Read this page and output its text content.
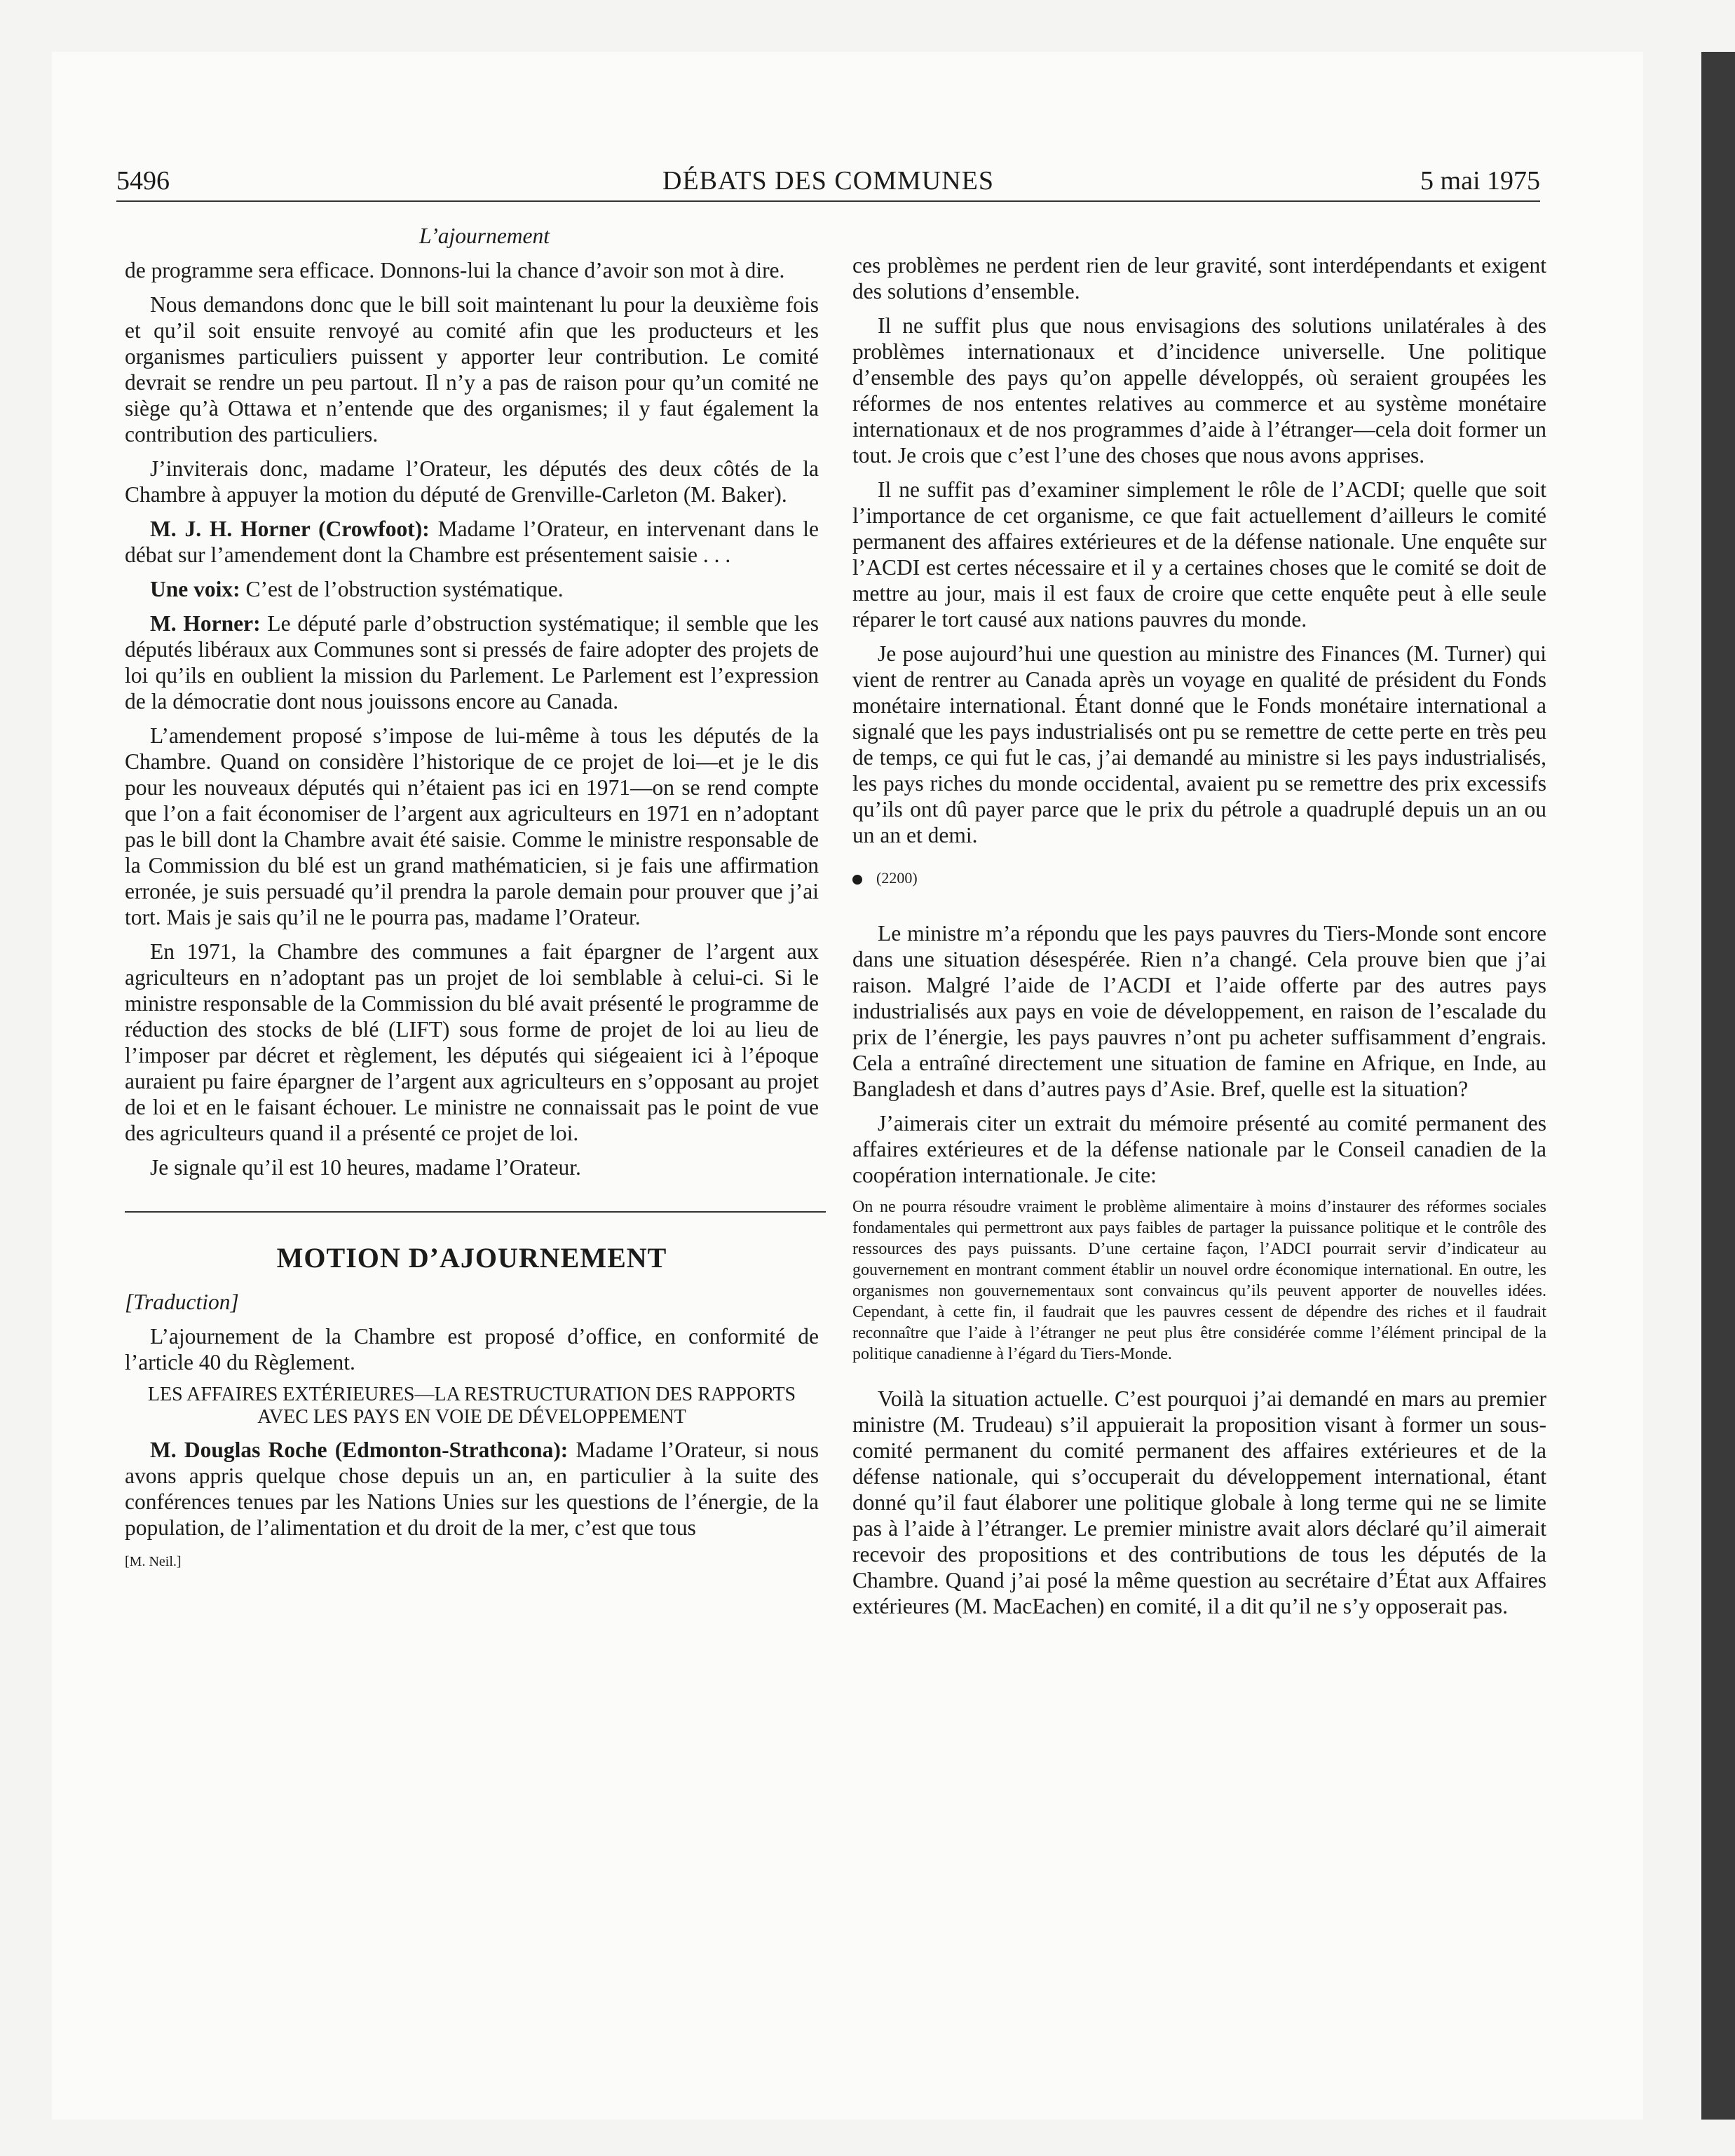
5496	DÉBATS DES COMMUNES	5 mai 1975

L’ajournement

de programme sera efficace. Donnons-lui la chance d’avoir son mot à dire.

Nous demandons donc que le bill soit maintenant lu pour la deuxième fois et qu’il soit ensuite renvoyé au comité afin que les producteurs et les organismes particuliers puissent y apporter leur contribution. Le comité devrait se rendre un peu partout. Il n’y a pas de raison pour qu’un comité ne siège qu’à Ottawa et n’entende que des organismes; il y faut également la contribution des particuliers.

J’inviterais donc, madame l’Orateur, les députés des deux côtés de la Chambre à appuyer la motion du député de Grenville-Carleton (M. Baker).

M. J. H. Horner (Crowfoot): Madame l’Orateur, en intervenant dans le débat sur l’amendement dont la Chambre est présentement saisie . . .

Une voix: C’est de l’obstruction systématique.

M. Horner: Le député parle d’obstruction systématique; il semble que les députés libéraux aux Communes sont si pressés de faire adopter des projets de loi qu’ils en oublient la mission du Parlement. Le Parlement est l’expression de la démocratie dont nous jouissons encore au Canada.

L’amendement proposé s’impose de lui-même à tous les députés de la Chambre. Quand on considère l’historique de ce projet de loi—et je le dis pour les nouveaux députés qui n’étaient pas ici en 1971—on se rend compte que l’on a fait économiser de l’argent aux agriculteurs en 1971 en n’adoptant pas le bill dont la Chambre avait été saisie. Comme le ministre responsable de la Commission du blé est un grand mathématicien, si je fais une affirmation erronée, je suis persuadé qu’il prendra la parole demain pour prouver que j’ai tort. Mais je sais qu’il ne le pourra pas, madame l’Orateur.

En 1971, la Chambre des communes a fait épargner de l’argent aux agriculteurs en n’adoptant pas un projet de loi semblable à celui-ci. Si le ministre responsable de la Commission du blé avait présenté le programme de réduction des stocks de blé (LIFT) sous forme de projet de loi au lieu de l’imposer par décret et règlement, les députés qui siégeaient ici à l’époque auraient pu faire épargner de l’argent aux agriculteurs en s’opposant au projet de loi et en le faisant échouer. Le ministre ne connaissait pas le point de vue des agriculteurs quand il a présenté ce projet de loi.

Je signale qu’il est 10 heures, madame l’Orateur.

MOTION D’AJOURNEMENT

[Traduction]

L’ajournement de la Chambre est proposé d’office, en conformité de l’article 40 du Règlement.

LES AFFAIRES EXTÉRIEURES—LA RESTRUCTURATION DES RAPPORTS AVEC LES PAYS EN VOIE DE DÉVELOPPEMENT

M. Douglas Roche (Edmonton-Strathcona): Madame l’Orateur, si nous avons appris quelque chose depuis un an, en particulier à la suite des conférences tenues par les Nations Unies sur les questions de l’énergie, de la population, de l’alimentation et du droit de la mer, c’est que tous

[M. Neil.]

ces problèmes ne perdent rien de leur gravité, sont interdépendants et exigent des solutions d’ensemble.

Il ne suffit plus que nous envisagions des solutions unilatérales à des problèmes internationaux et d’incidence universelle. Une politique d’ensemble des pays qu’on appelle développés, où seraient groupées les réformes de nos ententes relatives au commerce et au système monétaire internationaux et de nos programmes d’aide à l’étranger—cela doit former un tout. Je crois que c’est l’une des choses que nous avons apprises.

Il ne suffit pas d’examiner simplement le rôle de l’ACDI; quelle que soit l’importance de cet organisme, ce que fait actuellement d’ailleurs le comité permanent des affaires extérieures et de la défense nationale. Une enquête sur l’ACDI est certes nécessaire et il y a certaines choses que le comité se doit de mettre au jour, mais il est faux de croire que cette enquête peut à elle seule réparer le tort causé aux nations pauvres du monde.

Je pose aujourd’hui une question au ministre des Finances (M. Turner) qui vient de rentrer au Canada après un voyage en qualité de président du Fonds monétaire international. Étant donné que le Fonds monétaire international a signalé que les pays industrialisés ont pu se remettre de cette perte en très peu de temps, ce qui fut le cas, j’ai demandé au ministre si les pays industrialisés, les pays riches du monde occidental, avaient pu se remettre des prix excessifs qu’ils ont dû payer parce que le prix du pétrole a quadruplé depuis un an ou un an et demi.

(2200)

Le ministre m’a répondu que les pays pauvres du Tiers-Monde sont encore dans une situation désespérée. Rien n’a changé. Cela prouve bien que j’ai raison. Malgré l’aide de l’ACDI et l’aide offerte par des autres pays industrialisés aux pays en voie de développement, en raison de l’escalade du prix de l’énergie, les pays pauvres n’ont pu acheter suffisamment d’engrais. Cela a entraîné directement une situation de famine en Afrique, en Inde, au Bangladesh et dans d’autres pays d’Asie. Bref, quelle est la situation?

J’aimerais citer un extrait du mémoire présenté au comité permanent des affaires extérieures et de la défense nationale par le Conseil canadien de la coopération internationale. Je cite:

On ne pourra résoudre vraiment le problème alimentaire à moins d’instaurer des réformes sociales fondamentales qui permettront aux pays faibles de partager la puissance politique et le contrôle des ressources des pays puissants. D’une certaine façon, l’ADCI pourrait servir d’indicateur au gouvernement en montrant comment établir un nouvel ordre économique international. En outre, les organismes non gouvernementaux sont convaincus qu’ils peuvent apporter de nouvelles idées. Cependant, à cette fin, il faudrait que les pauvres cessent de dépendre des riches et il faudrait reconnaître que l’aide à l’étranger ne peut plus être considérée comme l’élément principal de la politique canadienne à l’égard du Tiers-Monde.

Voilà la situation actuelle. C’est pourquoi j’ai demandé en mars au premier ministre (M. Trudeau) s’il appuierait la proposition visant à former un sous-comité permanent du comité permanent des affaires extérieures et de la défense nationale, qui s’occuperait du développement international, étant donné qu’il faut élaborer une politique globale à long terme qui ne se limite pas à l’aide à l’étranger. Le premier ministre avait alors déclaré qu’il aimerait recevoir des propositions et des contributions de tous les députés de la Chambre. Quand j’ai posé la même question au secrétaire d’État aux Affaires extérieures (M. MacEachen) en comité, il a dit qu’il ne s’y opposerait pas.
